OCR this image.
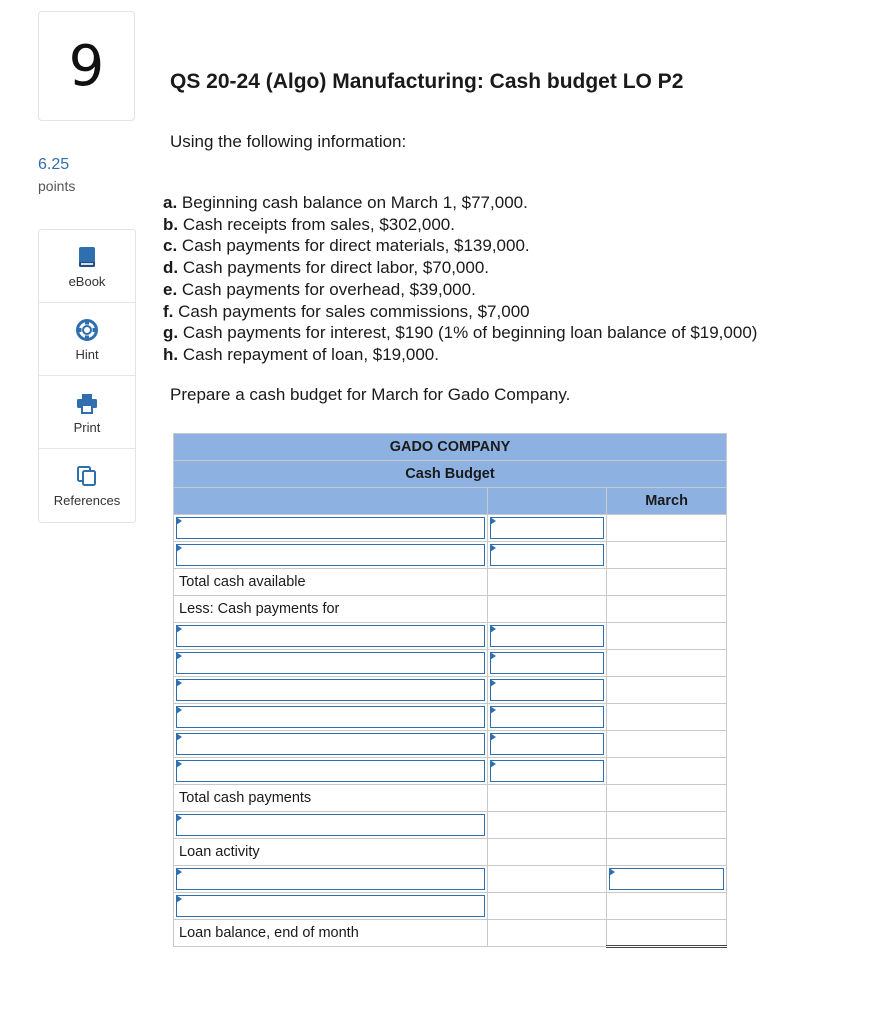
9	QS 20-24 (Algo) Manufacturing: Cash budget LO P2
6.25
points
eBook
Hint
Print
References
Using the following information:
a. Beginning cash balance on March 1, $77,000.
b. Cash receipts from sales, $302,000.
c. Cash payments for direct materials, $139,000.
d. Cash payments for direct labor, $70,000.
e. Cash payments for overhead, $39,000.
f. Cash payments for sales commissions, $7,000
g. Cash payments for interest, $190 (1% of beginning loan balance of $19,000)
h. Cash repayment of loan, $19,000.
Prepare a cash budget for March for Gado Company.
GADO COMPANY		
Cash Budget		
		March

Total cash available		
Less: Cash payments for		

Total cash payments		

Loan activity		

Loan balance, end of month		
